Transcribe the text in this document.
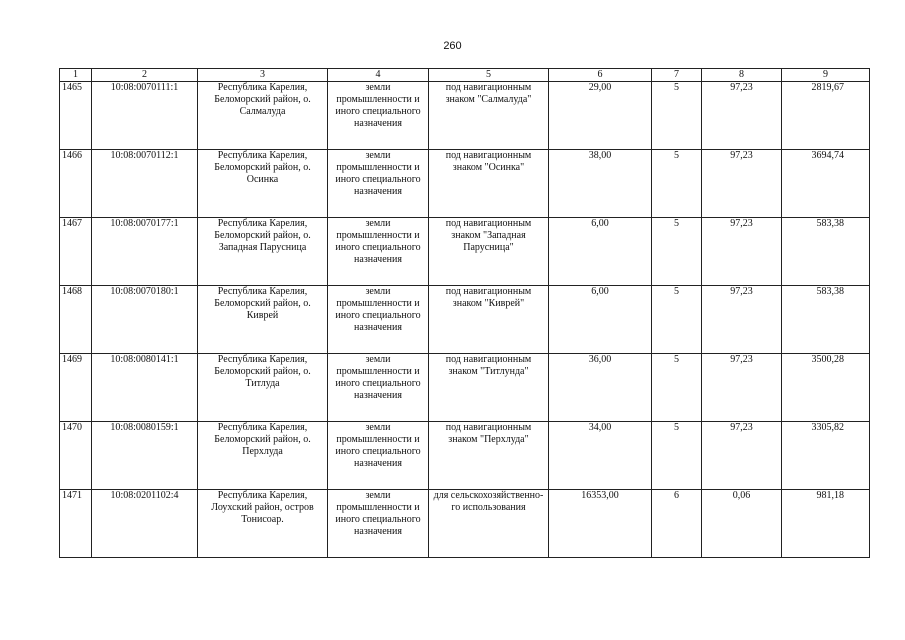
260
1	2	3	4	5	6	7	8	9
1465	10:08:0070111:1	Республика Карелия, Беломорский район, о. Салмалуда	земли промышленности и иного специального назначения	под навигационным знаком "Салмалуда"	29,00	5	97,23	2819,67
1466	10:08:0070112:1	Республика Карелия, Беломорский район, о. Осинка	земли промышленности и иного специального назначения	под навигационным знаком "Осинка"	38,00	5	97,23	3694,74
1467	10:08:0070177:1	Республика Карелия, Беломорский район, о. Западная Парусница	земли промышленности и иного специального назначения	под навигационным знаком "Западная Парусница"	6,00	5	97,23	583,38
1468	10:08:0070180:1	Республика Карелия, Беломорский район, о. Киврей	земли промышленности и иного специального назначения	под навигационным знаком "Киврей"	6,00	5	97,23	583,38
1469	10:08:0080141:1	Республика Карелия, Беломорский район, о. Титлуда	земли промышленности и иного специального назначения	под навигационным знаком "Титлунда"	36,00	5	97,23	3500,28
1470	10:08:0080159:1	Республика Карелия, Беломорский район, о. Перхлуда	земли промышленности и иного специального назначения	под навигационным знаком "Перхлуда"	34,00	5	97,23	3305,82
1471	10:08:0201102:4	Республика Карелия, Лоухский район, остров Тонисоар.	земли промышленности и иного специального назначения	для сельскохозяйственно-го использования	16353,00	6	0,06	981,18
